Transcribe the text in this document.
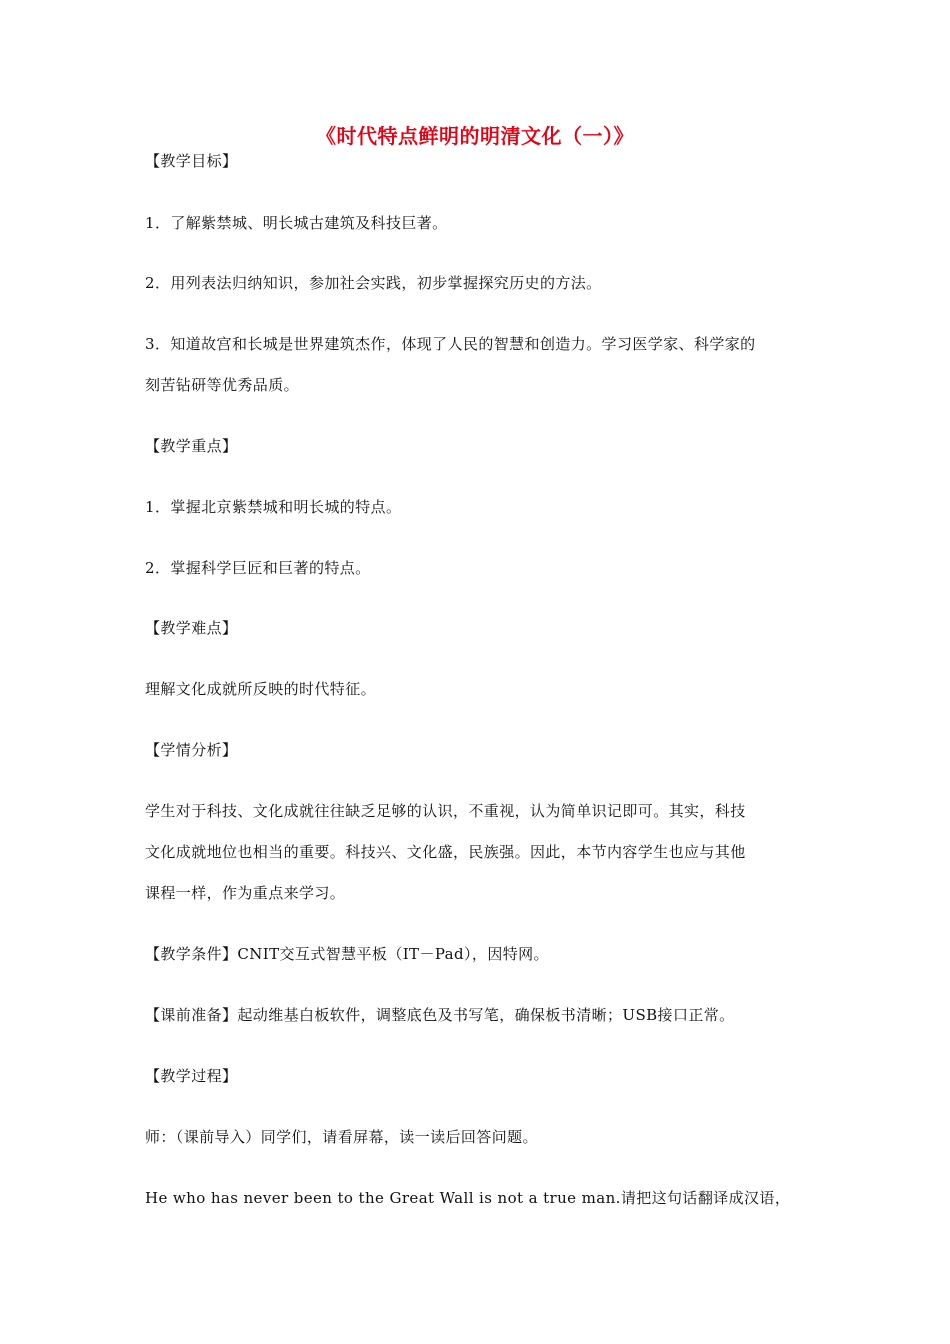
《时代特点鲜明的明清文化（一）》
【教学目标】
1．了解紫禁城、明长城古建筑及科技巨著。
2．用列表法归纳知识，参加社会实践，初步掌握探究历史的方法。
3．知道故宫和长城是世界建筑杰作，体现了人民的智慧和创造力。学习医学家、科学家的
刻苦钻研等优秀品质。
【教学重点】
1．掌握北京紫禁城和明长城的特点。
2．掌握科学巨匠和巨著的特点。
【教学难点】
理解文化成就所反映的时代特征。
【学情分析】
学生对于科技、文化成就往往缺乏足够的认识，不重视，认为简单识记即可。其实，科技
文化成就地位也相当的重要。科技兴、文化盛，民族强。因此，本节内容学生也应与其他
课程一样，作为重点来学习。
【教学条件】CNIT交互式智慧平板（IT－Pad），因特网。
【课前准备】起动维基白板软件，调整底色及书写笔，确保板书清晰；USB接口正常。
【教学过程】
师：（课前导入）同学们，请看屏幕，读一读后回答问题。
He who has never been to the Great Wall is not a true man.请把这句话翻译成汉语，
